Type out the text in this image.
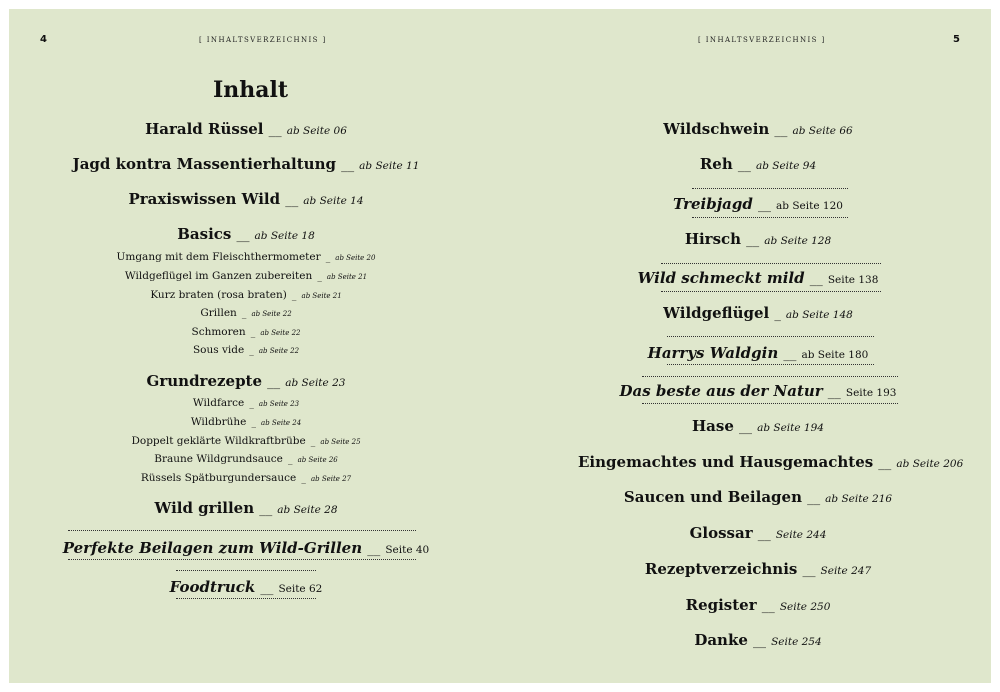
4	[ INHALTSVERZEICHNIS ]
Inhalt
Harald Rüssel __ ab Seite 06
Jagd kontra Massentierhaltung __ ab Seite 11
Praxiswissen Wild __ ab Seite 14
Basics __ ab Seite 18
Umgang mit dem Fleischthermometer _ ab Seite 20
Wildgeflügel im Ganzen zubereiten _ ab Seite 21
Kurz braten (rosa braten) _ ab Seite 21
Grillen _ ab Seite 22
Schmoren _ ab Seite 22
Sous vide _ ab Seite 22
Grundrezepte __ ab Seite 23
Wildfarce _ ab Seite 23
Wildbrühe _ ab Seite 24
Doppelt geklärte Wildkraftbrübe _ ab Seite 25
Braune Wildgrundsauce _ ab Seite 26
Rüssels Spätburgundersauce _ ab Seite 27
Wild grillen __ ab Seite 28
Perfekte Beilagen zum Wild-Grillen __ Seite 40
Foodtruck __ Seite 62
5
[ INHALTSVERZEICHNIS ]
Wildschwein __ ab Seite 66
Reh __ ab Seite 94
Treibjagd __ ab Seite 120
Hirsch __ ab Seite 128
Wild schmeckt mild __ Seite 138
Wildgeflügel _ ab Seite 148
Harrys Waldgin __ ab Seite 180
Das beste aus der Natur __ Seite 193
Hase __ ab Seite 194
Eingemachtes und Hausgemachtes __ ab Seite 206
Saucen und Beilagen __ ab Seite 216
Glossar __ Seite 244
Rezeptverzeichnis __ Seite 247
Register __ Seite 250
Danke __ Seite 254
